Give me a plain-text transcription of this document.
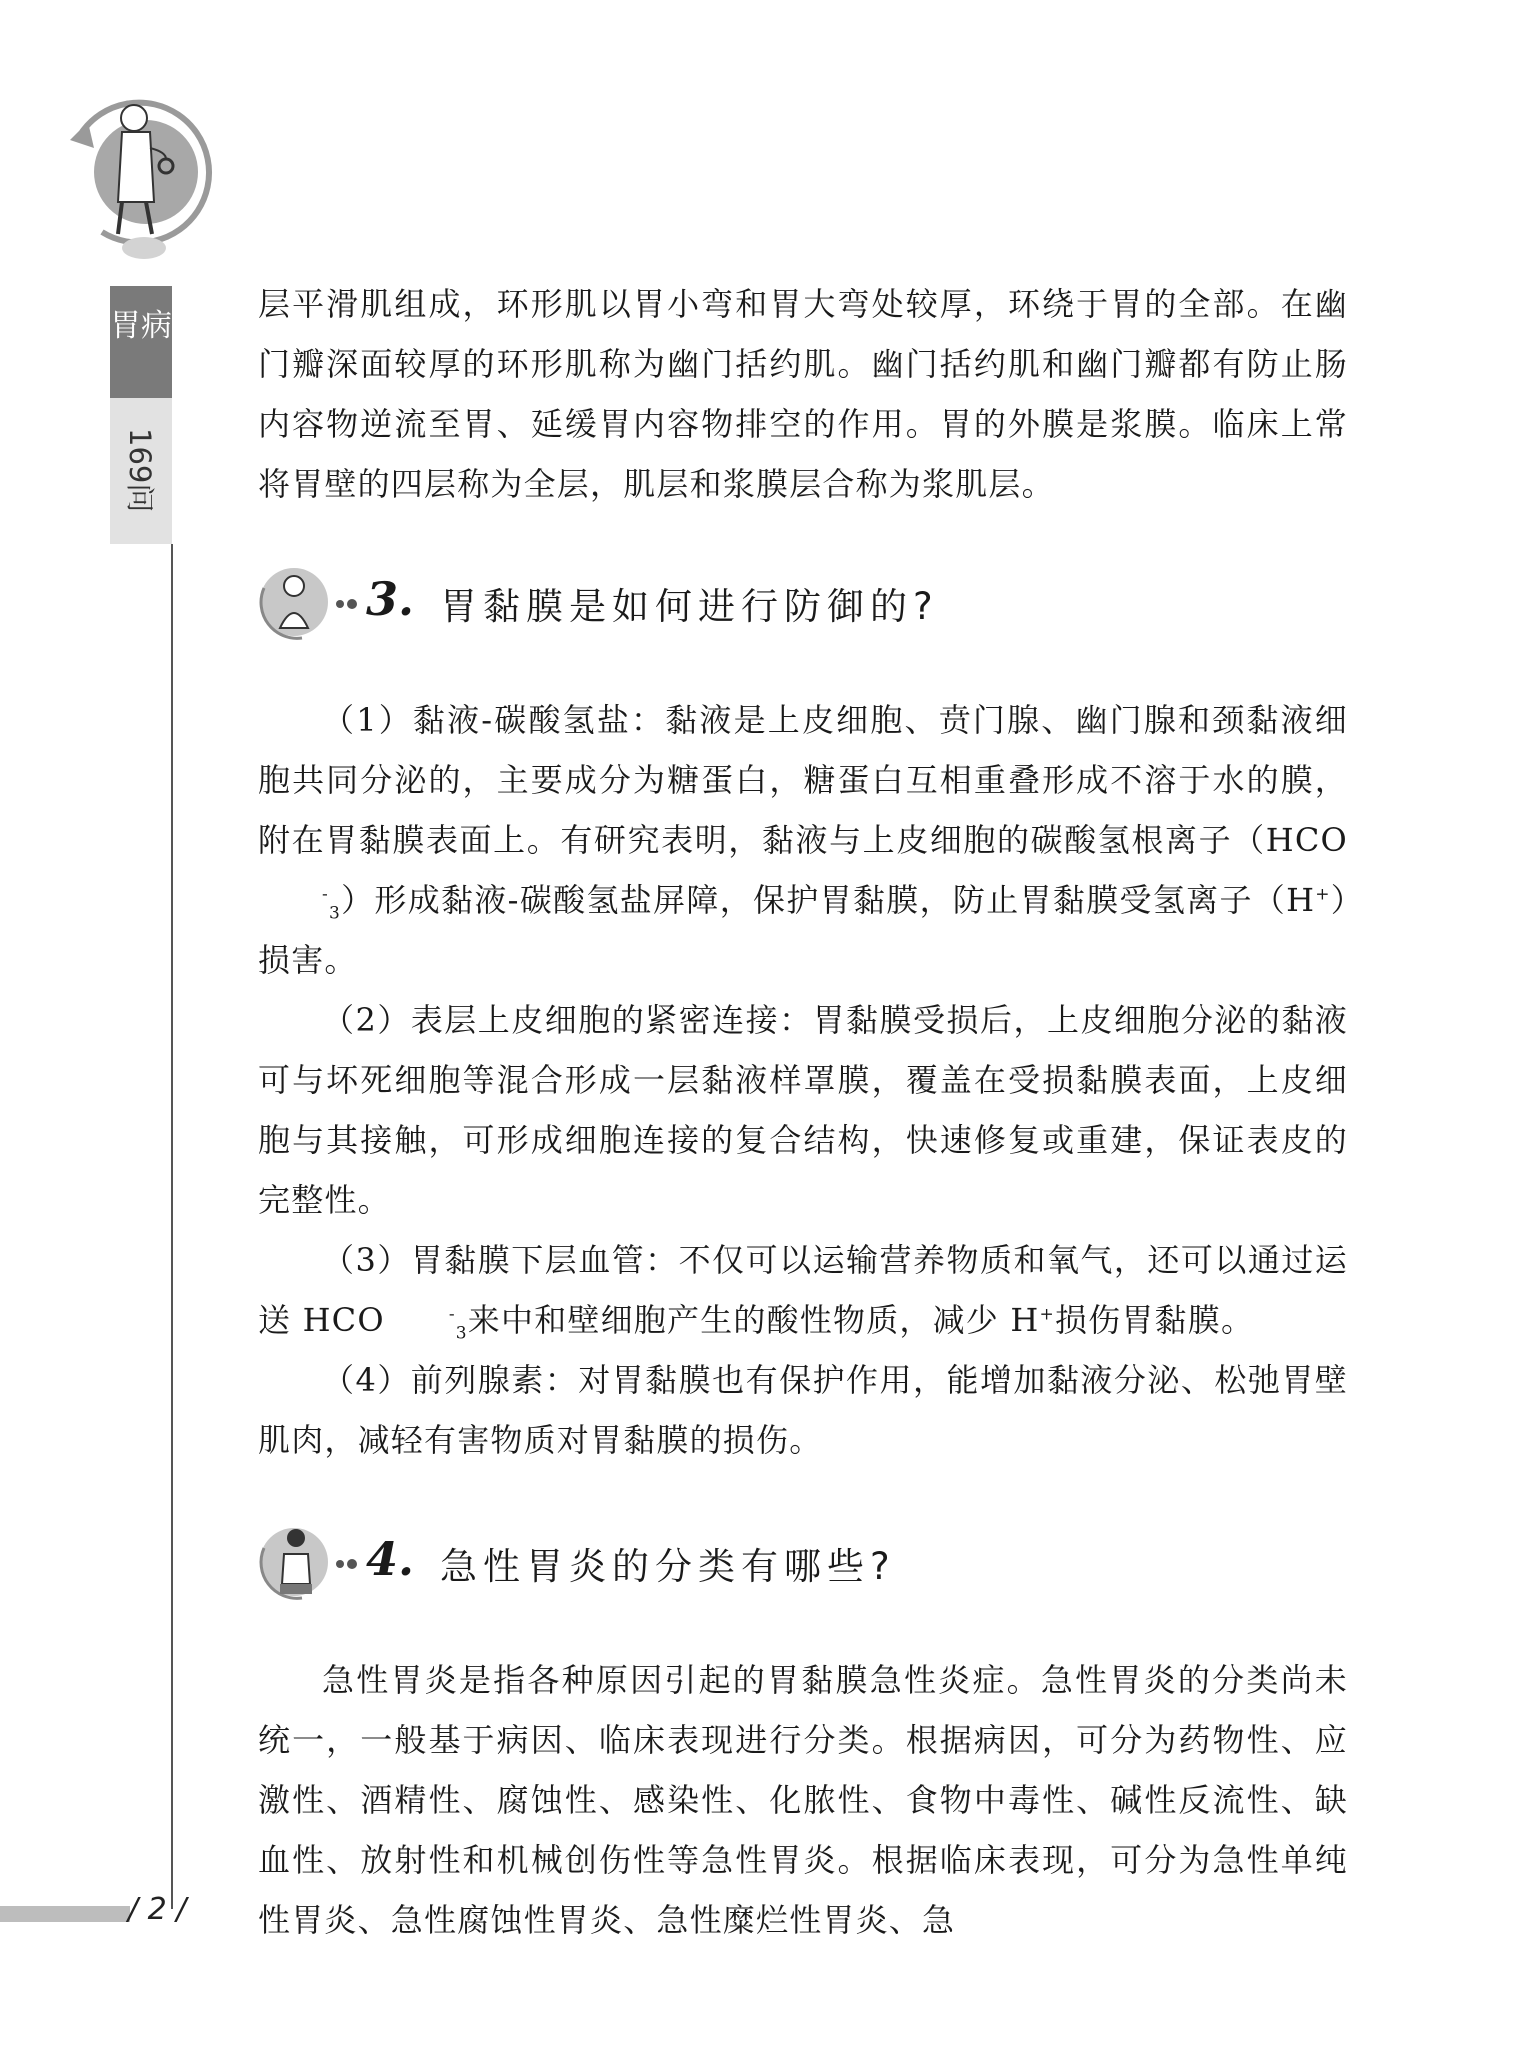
胃病
169问
/ 2 /

层平滑肌组成，环形肌以胃小弯和胃大弯处较厚，环绕于胃的全部。在幽门瓣深面较厚的环形肌称为幽门括约肌。幽门括约肌和幽门瓣都有防止肠内容物逆流至胃、延缓胃内容物排空的作用。胃的外膜是浆膜。临床上常将胃壁的四层称为全层，肌层和浆膜层合称为浆肌层。

3. 胃黏膜是如何进行防御的?

（1）黏液-碳酸氢盐：黏液是上皮细胞、贲门腺、幽门腺和颈黏液细胞共同分泌的，主要成分为糖蛋白，糖蛋白互相重叠形成不溶于水的膜，附在胃黏膜表面上。有研究表明，黏液与上皮细胞的碳酸氢根离子$(HCO^-_3)$形成黏液-碳酸氢盐屏障，保护胃黏膜，防止胃黏膜受氢离子（H+）损害。

（2）表层上皮细胞的紧密连接：胃黏膜受损后，上皮细胞分泌的黏液可与坏死细胞等混合形成一层黏液样罩膜，覆盖在受损黏膜表面，上皮细胞与其接触，可形成细胞连接的复合结构，快速修复或重建，保证表皮的完整性。

（3）胃黏膜下层血管：不仅可以运输营养物质和氧气，还可以通过运送 HCO	-$_3$来中和壁细胞产生的酸性物质，减少 H+损伤胃黏膜。

（4）前列腺素：对胃黏膜也有保护作用，能增加黏液分泌、松弛胃壁肌肉，减轻有害物质对胃黏膜的损伤。

4. 急性胃炎的分类有哪些?

急性胃炎是指各种原因引起的胃黏膜急性炎症。急性胃炎的分类尚未统一，一般基于病因、临床表现进行分类。根据病因，可分为药物性、应激性、酒精性、腐蚀性、感染性、化脓性、食物中毒性、碱性反流性、缺血性、放射性和机械创伤性等急性胃炎。根据临床表现，可分为急性单纯性胃炎、急性腐蚀性胃炎、急性糜烂性胃炎、急
